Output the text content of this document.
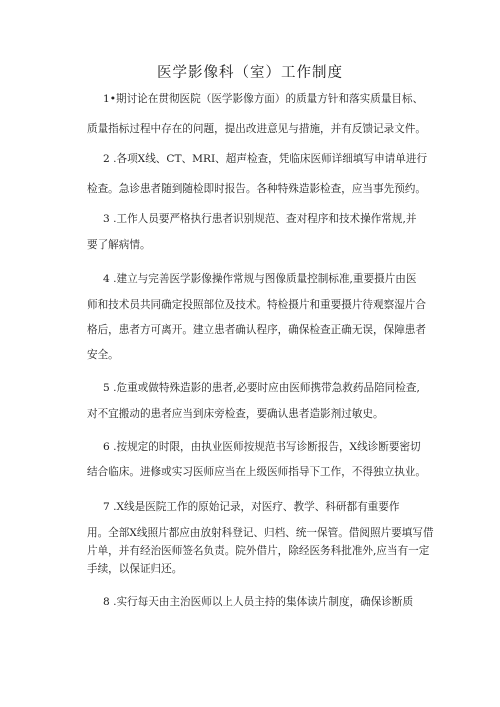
医学影像科（室）工作制度
1•期讨论在贯彻医院（医学影像方面）的质量方针和落实质量目标、
质量指标过程中存在的问题，提出改进意见与措施，并有反馈记录文件。
2 .各项X线、CT、MRI、超声检查，凭临床医师详细填写申请单进行
检查。急诊患者随到随检即时报告。各种特殊造影检查，应当事先预约。
3 .工作人员要严格执行患者识别规范、查对程序和技术操作常规,并
要了解病情。
4 .建立与完善医学影像操作常规与图像质量控制标准,重要摄片由医
师和技术员共同确定投照部位及技术。特检摄片和重要摄片待观察湿片合
格后，患者方可离开。建立患者确认程序，确保检查正确无误，保障患者
安全。
5 .危重或做特殊造影的患者,必要时应由医师携带急救药品陪同检查,
对不宜搬动的患者应当到床旁检查，要确认患者造影剂过敏史。
6 .按规定的时限，由执业医师按规范书写诊断报告，X线诊断要密切
结合临床。进修或实习医师应当在上级医师指导下工作，不得独立执业。
7 .X线是医院工作的原始记录，对医疗、教学、科研都有重要作
用。全部X线照片都应由放射科登记、归档、统一保管。借阅照片要填写借
片单，并有经治医师签名负责。院外借片，除经医务科批准外,应当有一定
手续，以保证归还。
8 .实行每天由主治医师以上人员主持的集体读片制度，确保诊断质
